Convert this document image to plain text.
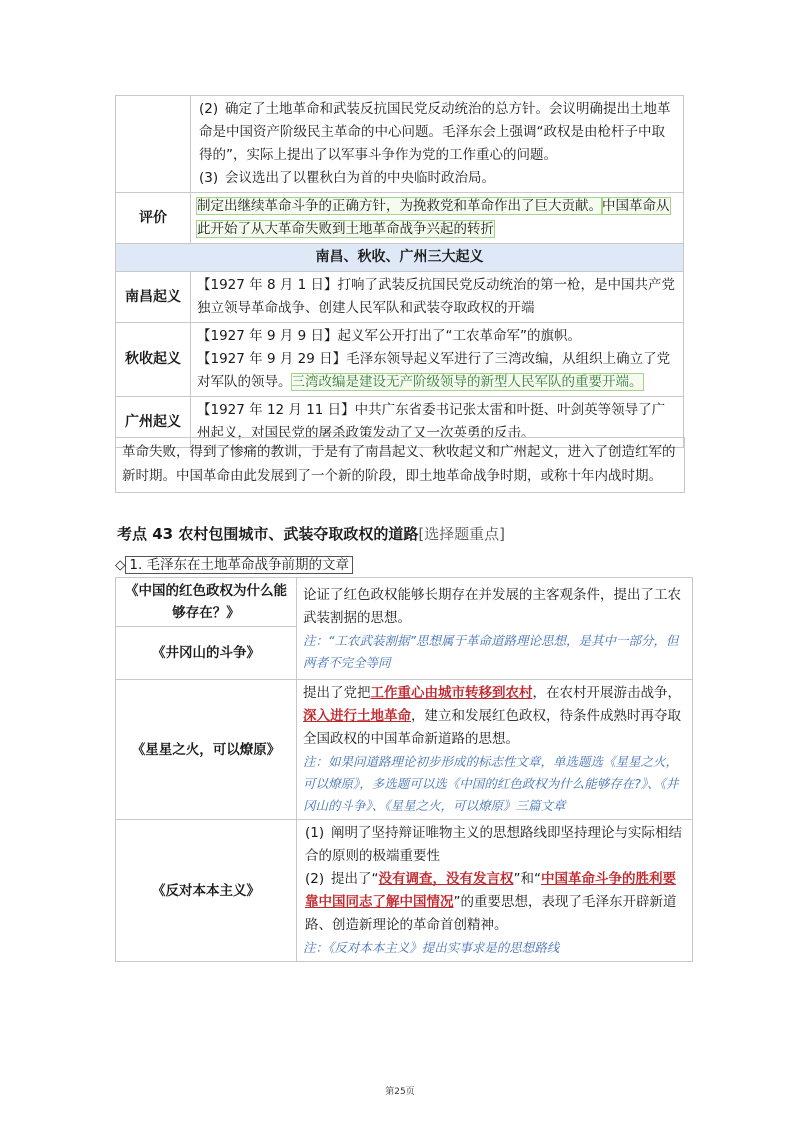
	(2) 确定了土地革命和武装反抗国民党反动统治的总方针。会议明确提出土地革命是中国资产阶级民主革命的中心问题。毛泽东会上强调“政权是由枪杆子中取得的”，实际上提出了以军事斗争作为党的工作重心的问题。
(3) 会议选出了以瞿秋白为首的中央临时政治局。

评价	制定出继续革命斗争的正确方针，为挽救党和革命作出了巨大贡献。中国革命从此开始了从大革命失败到土地革命战争兴起的转折
南昌、秋收、广州三大起义	
南昌起义	【1927 年 8 月 1 日】打响了武装反抗国民党反动统治的第一枪，是中国共产党独立领导革命战争、创建人民军队和武装夺取政权的开端
秋收起义	【1927 年 9 月 9 日】起义军公开打出了“工农革命军”的旗帜。
【1927 年 9 月 29 日】毛泽东领导起义军进行了三湾改编，从组织上确立了党对军队的领导。三湾改编是建设无产阶级领导的新型人民军队的重要开端。

广州起义	【1927 年 12 月 11 日】中共广东省委书记张太雷和叶挺、叶剑英等领导了广州起义，对国民党的屠杀政策发动了又一次英勇的反击。
革命失败，得到了惨痛的教训，于是有了南昌起义、秋收起义和广州起义，进入了创造红军的新时期。中国革命由此发展到了一个新的阶段，即土地革命战争时期，或称十年内战时期。
考点 43 农村包围城市、武装夺取政权的道路[选择题重点]
◇ 1. 毛泽东在土地革命战争前期的文章
《中国的红色政权为什么能够存在？》	论证了红色政权能够长期存在并发展的主客观条件，提出了工农武装割据的思想。
注：“工农武装割据”思想属于革命道路理论思想，是其中一部分，但两者不完全等同

《井冈山的斗争》	
《星星之火，可以燎原》	提出了党把工作重心由城市转移到农村，在农村开展游击战争，深入进行土地革命，建立和发展红色政权，待条件成熟时再夺取全国政权的中国革命新道路的思想。
注：如果问道路理论初步形成的标志性文章，单选题选《星星之火，可以燎原》，多选题可以选《中国的红色政权为什么能够存在?》、《井冈山的斗争》、《星星之火，可以燎原》三篇文章

《反对本本主义》	(1) 阐明了坚持辩证唯物主义的思想路线即坚持理论与实际相结合的原则的极端重要性
(2) 提出了“没有调查，没有发言权”和“中国革命斗争的胜利要靠中国同志了解中国情况”的重要思想，表现了毛泽东开辟新道路、创造新理论的革命首创精神。
注：《反对本本主义》提出实事求是的思想路线
第25页
